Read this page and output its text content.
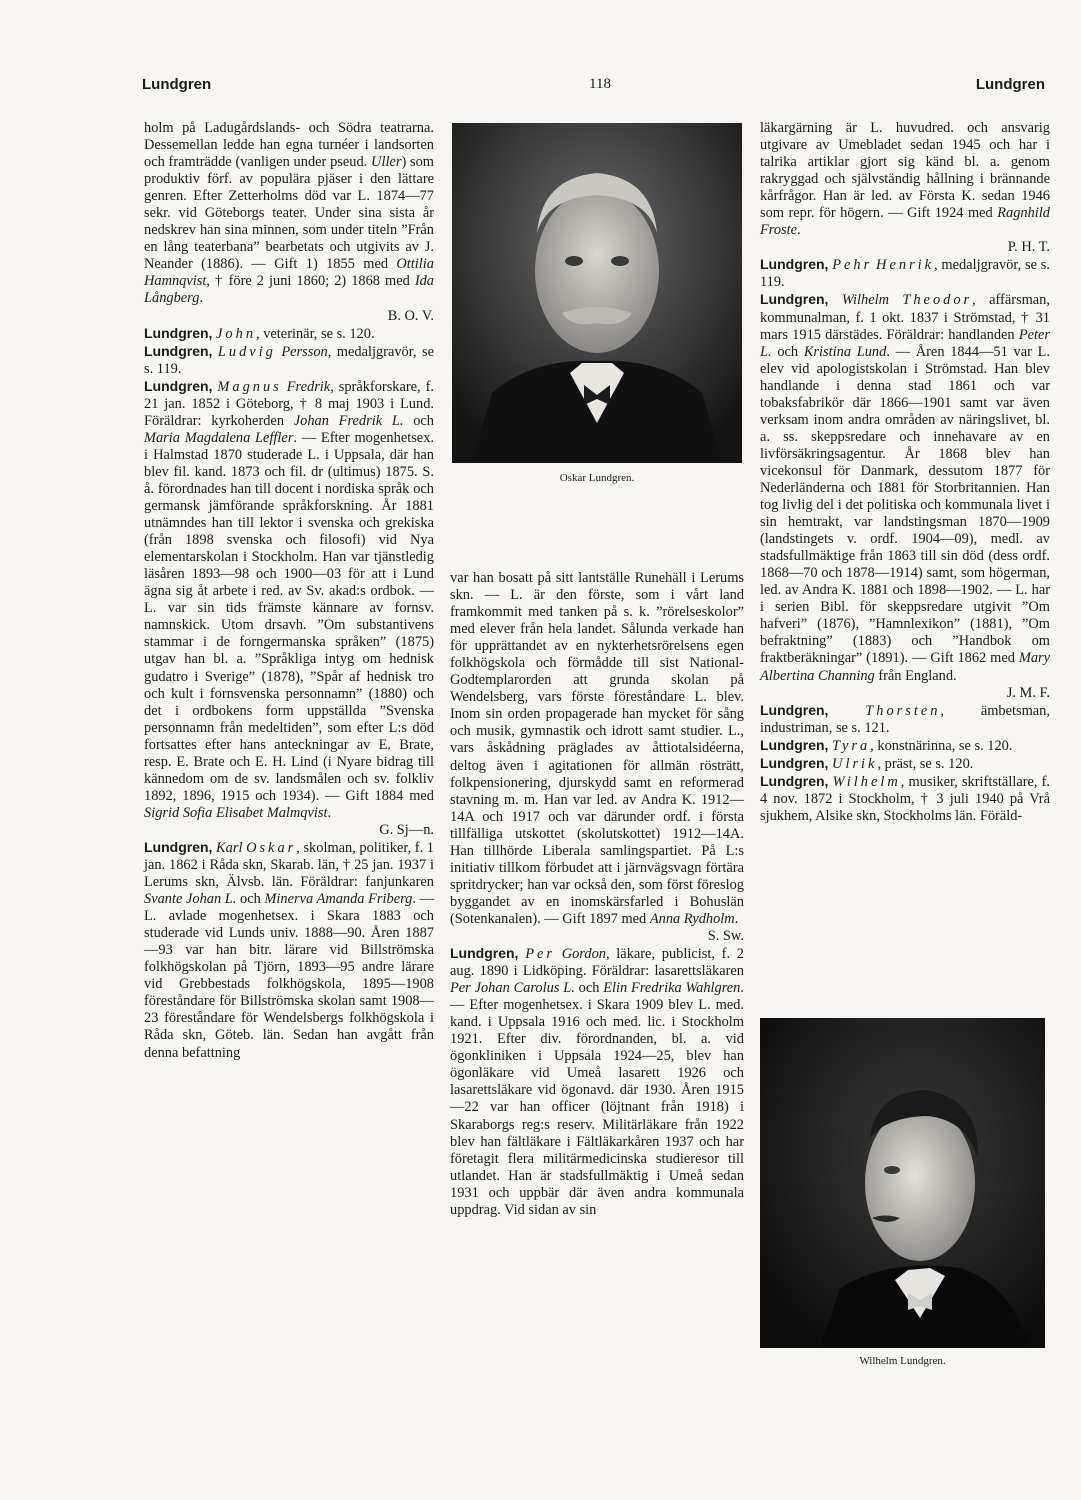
Lundgren	118	Lundgren

holm på Ladugårdslands- och Södra teatrarna. Dessemellan ledde han egna turnéer i landsorten och framträdde (vanligen under pseud. Uller) som produktiv förf. av populära pjäser i den lättare genren. Efter Zetterholms död var L. 1874—77 sekr. vid Göteborgs teater. Under sina sista år nedskrev han sina minnen, som under titeln ”Från en lång teaterbana” bearbetats och utgivits av J. Neander (1886). — Gift 1) 1855 med Ottilia Hamnqvist, † före 2 juni 1860; 2) 1868 med Ida Långberg.
B. O. V.

Lundgren, John, veterinär, se s. 120.

Lundgren, Ludvig Persson, medaljgravör, se s. 119.

Lundgren, Magnus Fredrik, språkforskare, f. 21 jan. 1852 i Göteborg, † 8 maj 1903 i Lund. Föräldrar: kyrkoherden Johan Fredrik L. och Maria Magdalena Leffler. — Efter mogenhetsex. i Halmstad 1870 studerade L. i Uppsala, där han blev fil. kand. 1873 och fil. dr (ultimus) 1875. S. å. förordnades han till docent i nordiska språk och germansk jämförande språkforskning. År 1881 utnämndes han till lektor i svenska och grekiska (från 1898 svenska och filosofi) vid Nya elementarskolan i Stockholm. Han var tjänstledig läsåren 1893—98 och 1900—03 för att i Lund ägna sig åt arbete i red. av Sv. akad:s ordbok. — L. var sin tids främste kännare av fornsv. namnskick. Utom drsavh. ”Om substantivens stammar i de forngermanska språken” (1875) utgav han bl. a. ”Språkliga intyg om hednisk gudatro i Sverige” (1878), ”Spår af hednisk tro och kult i fornsvenska personnamn” (1880) och det i ordbokens form uppställda ”Svenska personnamn från medeltiden”, som efter L:s död fortsattes efter hans anteckningar av E. Brate, resp. E. Brate och E. H. Lind (i Nyare bidrag till kännedom om de sv. landsmålen och sv. folkliv 1892, 1896, 1915 och 1934). — Gift 1884 med Sigrid Sofia Elisabet Malmqvist.
G. Sj—n.

Lundgren, Karl Oskar, skolman, politiker, f. 1 jan. 1862 i Råda skn, Skarab. län, † 25 jan. 1937 i Lerums skn, Älvsb. län. Föräldrar: fanjunkaren Svante Johan L. och Minerva Amanda Friberg. — L. avlade mogenhetsex. i Skara 1883 och studerade vid Lunds univ. 1888—90. Åren 1887—93 var han bitr. lärare vid Billströmska folkhögskolan på Tjörn, 1893—95 andre lärare vid Grebbestads folkhögskola, 1895—1908 föreståndare för Billströmska skolan samt 1908—23 föreståndare för Wendelsbergs folkhögskola i Råda skn, Göteb. län. Sedan han avgått från denna befattning

Oskar Lundgren.

var han bosatt på sitt lantställe Runehäll i Lerums skn. — L. är den förste, som i vårt land framkommit med tanken på s. k. ”rörelseskolor” med elever från hela landet. Sålunda verkade han för upprättandet av en nykterhetsrörelsens egen folkhögskola och förmådde till sist National-Godtemplarorden att grunda skolan på Wendelsberg, vars förste föreståndare L. blev. Inom sin orden propagerade han mycket för sång och musik, gymnastik och idrott samt studier. L., vars åskådning präglades av åttiotalsidéerna, deltog även i agitationen för allmän rösträtt, folkpensionering, djurskydd samt en reformerad stavning m. m. Han var led. av Andra K. 1912—14A och 1917 och var därunder ordf. i första tillfälliga utskottet (skolutskottet) 1912—14A. Han tillhörde Liberala samlingspartiet. På L:s initiativ tillkom förbudet att i järnvägsvagn förtära spritdrycker; han var också den, som först föreslog byggandet av en inomskärsfarled i Bohuslän (Sotenkanalen). — Gift 1897 med Anna Rydholm.
S. Sw.

Lundgren, Per Gordon, läkare, publicist, f. 2 aug. 1890 i Lidköping. Föräldrar: lasarettsläkaren Per Johan Carolus L. och Elin Fredrika Wahlgren. — Efter mogenhetsex. i Skara 1909 blev L. med. kand. i Uppsala 1916 och med. lic. i Stockholm 1921. Efter div. förordnanden, bl. a. vid ögonkliniken i Uppsala 1924—25, blev han ögonläkare vid Umeå lasarett 1926 och lasarettsläkare vid ögonavd. där 1930. Åren 1915—22 var han officer (löjtnant från 1918) i Skaraborgs reg:s reserv. Militärläkare från 1922 blev han fältläkare i Fältläkarkåren 1937 och har företagit flera militärmedicinska studieresor till utlandet. Han är stadsfullmäktig i Umeå sedan 1931 och uppbär där även andra kommunala uppdrag. Vid sidan av sin

läkargärning är L. huvudred. och ansvarig utgivare av Umebladet sedan 1945 och har i talrika artiklar gjort sig känd bl. a. genom rakryggad och självständig hållning i brännande kårfrågor. Han är led. av Första K. sedan 1946 som repr. för högern. — Gift 1924 med Ragnhild Froste.
P. H. T.

Lundgren, Pehr Henrik, medaljgravör, se s. 119.

Lundgren, Wilhelm Theodor, affärsman, kommunalman, f. 1 okt. 1837 i Strömstad, † 31 mars 1915 därstädes. Föräldrar: handlanden Peter L. och Kristina Lund. — Åren 1844—51 var L. elev vid apologistskolan i Strömstad. Han blev handlande i denna stad 1861 och var tobaksfabrikör där 1866—1901 samt var även verksam inom andra områden av näringslivet, bl. a. ss. skeppsredare och innehavare av en livförsäkringsagentur. År 1868 blev han vicekonsul för Danmark, dessutom 1877 för Nederländerna och 1881 för Storbritannien. Han tog livlig del i det politiska och kommunala livet i sin hemtrakt, var landstingsman 1870—1909 (landstingets v. ordf. 1904—09), medl. av stadsfullmäktige från 1863 till sin död (dess ordf. 1868—70 och 1878—1914) samt, som högerman, led. av Andra K. 1881 och 1898—1902. — L. har i serien Bibl. för skeppsredare utgivit ”Om hafveri” (1876), ”Hamnlexikon” (1881), ”Om befraktning” (1883) och ”Handbok om fraktberäkningar” (1891). — Gift 1862 med Mary Albertina Channing från England.
J. M. F.

Lundgren,	Thorsten, ämbetsman, industriman, se s. 121.

Lundgren, Tyra, konstnärinna, se s. 120.

Lundgren, Ulrik, präst, se s. 120.

Lundgren, Wilhelm, musiker, skriftställare, f. 4 nov. 1872 i Stockholm, † 3 juli 1940 på Vrå sjukhem, Alsike skn, Stockholms län. Föräld-

Wilhelm Lundgren.
